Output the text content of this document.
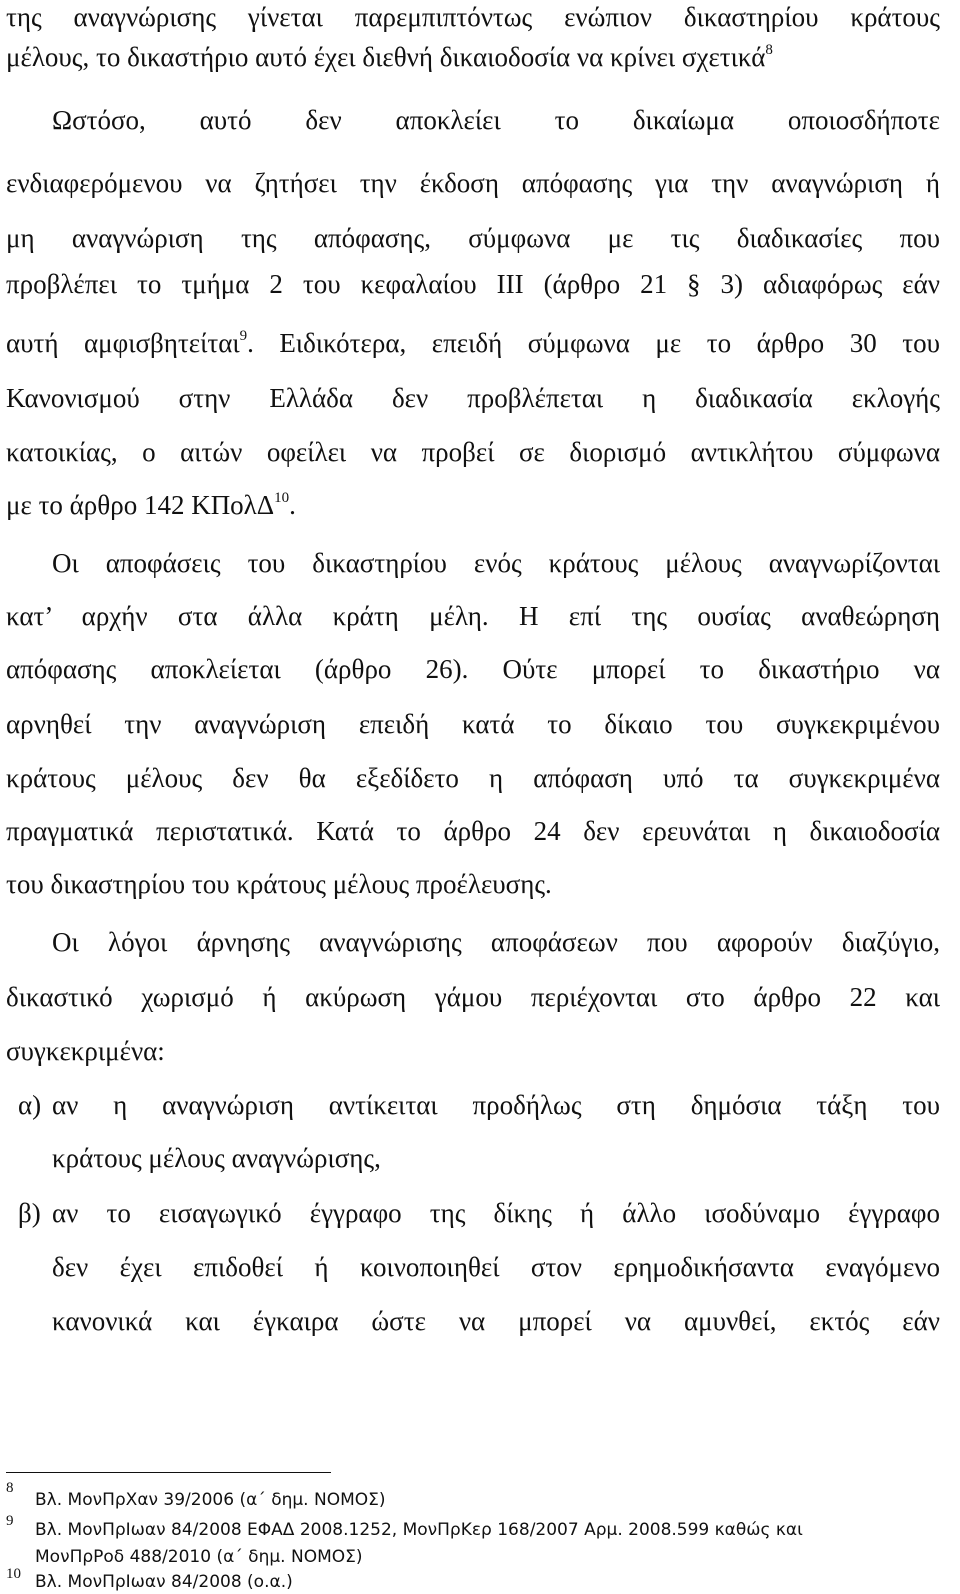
της αναγνώρισης γίνεται παρεμπιπτόντως ενώπιον δικαστηρίου κράτους
μέλους, το δικαστήριο αυτό έχει διεθνή δικαιοδοσία να κρίνει σχετικά$^8$
Ωστόσο, αυτό δεν αποκλείει το δικαίωμα οποιοσδήποτε
ενδιαφερόμενου να ζητήσει την έκδοση απόφασης για την αναγνώριση ή
μη αναγνώριση της απόφασης, σύμφωνα με τις διαδικασίες που
προβλέπει το τμήμα 2 του κεφαλαίου ΙΙΙ (άρθρο 21 § 3) αδιαφόρως εάν
αυτή αμφισβητείται$^9$. Ειδικότερα, επειδή σύμφωνα με το άρθρο 30 του
Κανονισμού στην Ελλάδα δεν προβλέπεται η διαδικασία εκλογής
κατοικίας, ο αιτών οφείλει να προβεί σε διορισμό αντικλήτου σύμφωνα
με το άρθρο 142 ΚΠολΔ$^{10}$.
Οι αποφάσεις του δικαστηρίου ενός κράτους μέλους αναγνωρίζονται
κατ’ αρχήν στα άλλα κράτη μέλη. Η επί της ουσίας αναθεώρηση
απόφασης αποκλείεται (άρθρο 26). Ούτε μπορεί το δικαστήριο να
αρνηθεί την αναγνώριση επειδή κατά το δίκαιο του συγκεκριμένου
κράτους μέλους δεν θα εξεδίδετο η απόφαση υπό τα συγκεκριμένα
πραγματικά περιστατικά. Κατά το άρθρο 24 δεν ερευνάται η δικαιοδοσία
του δικαστηρίου του κράτους μέλους προέλευσης.
Οι λόγοι άρνησης αναγνώρισης αποφάσεων που αφορούν διαζύγιο,
δικαστικό χωρισμό ή ακύρωση γάμου περιέχονται στο άρθρο 22 και
συγκεκριμένα:
α) αν η αναγνώριση αντίκειται προδήλως στη δημόσια τάξη του
κράτους μέλους αναγνώρισης,
β) αν το εισαγωγικό έγγραφο της δίκης ή άλλο ισοδύναμο έγγραφο
δεν έχει επιδοθεί ή κοινοποιηθεί στον ερημοδικήσαντα εναγόμενο
κανονικά και έγκαιρα ώστε να μπορεί να αμυνθεί, εκτός εάν
8
Βλ. ΜονΠρΧαν 39/2006 (α΄ δημ. ΝΟΜΟΣ)
9 Βλ. ΜονΠρΙωαν 84/2008 ΕΦΑΔ 2008.1252, ΜονΠρΚερ 168/2007 Αρμ. 2008.599 καθώς και
ΜονΠρΡοδ 488/2010 (α΄ δημ. ΝΟΜΟΣ)
10 Βλ. ΜονΠρΙωαν 84/2008 (ο.α.)
